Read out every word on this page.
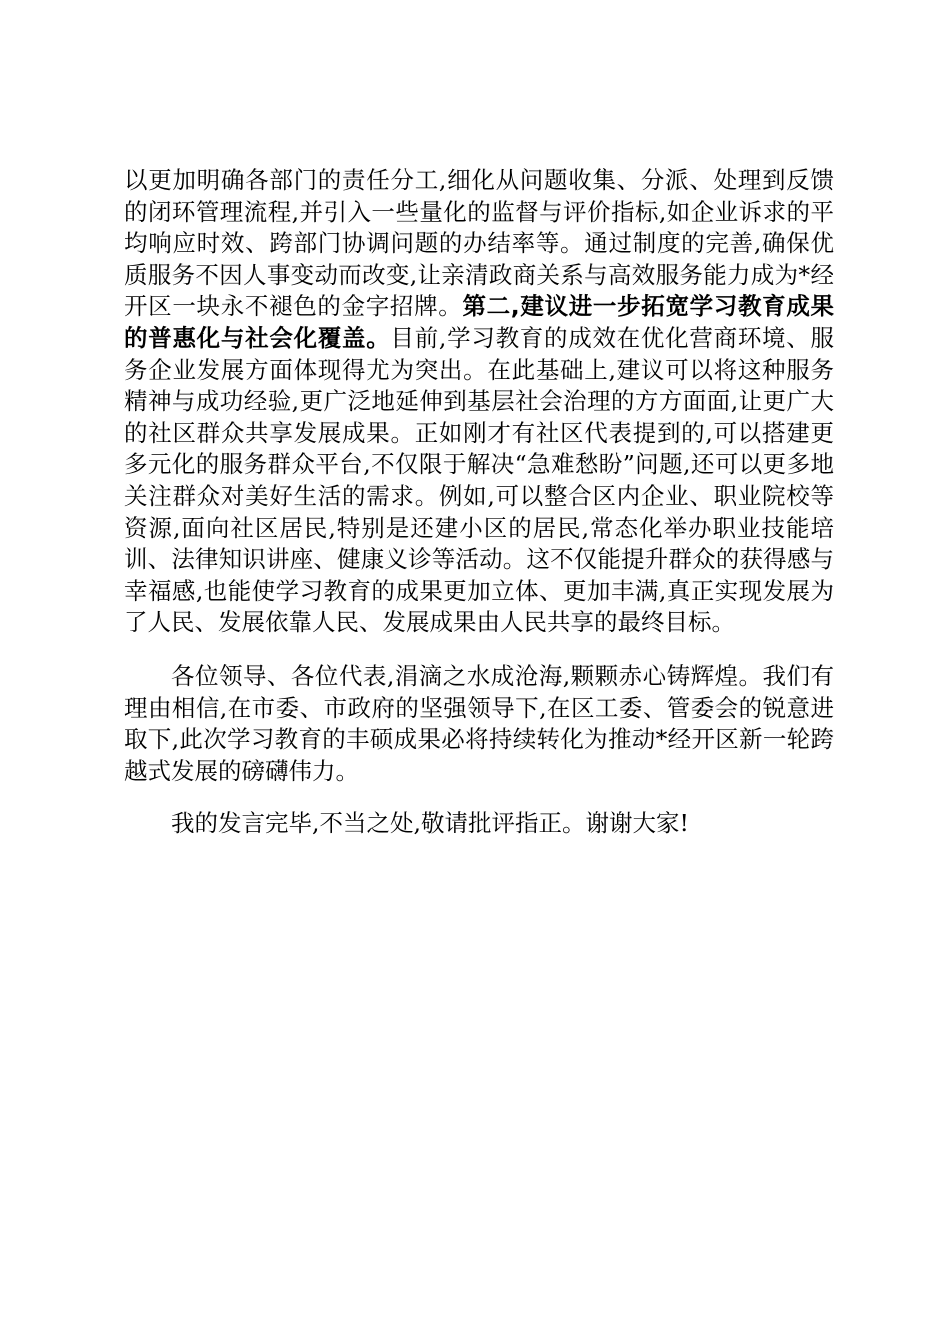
以更加明确各部门的责任分工,细化从问题收集、分派、处理到反馈的闭环管理流程,并引入一些量化的监督与评价指标,如企业诉求的平均响应时效、跨部门协调问题的办结率等。通过制度的完善,确保优质服务不因人事变动而改变,让亲清政商关系与高效服务能力成为*经开区一块永不褪色的金字招牌。第二,建议进一步拓宽学习教育成果的普惠化与社会化覆盖。目前,学习教育的成效在优化营商环境、服务企业发展方面体现得尤为突出。在此基础上,建议可以将这种服务精神与成功经验,更广泛地延伸到基层社会治理的方方面面,让更广大的社区群众共享发展成果。正如刚才有社区代表提到的,可以搭建更多元化的服务群众平台,不仅限于解决“急难愁盼”问题,还可以更多地关注群众对美好生活的需求。例如,可以整合区内企业、职业院校等资源,面向社区居民,特别是还建小区的居民,常态化举办职业技能培训、法律知识讲座、健康义诊等活动。这不仅能提升群众的获得感与幸福感,也能使学习教育的成果更加立体、更加丰满,真正实现发展为了人民、发展依靠人民、发展成果由人民共享的最终目标。

各位领导、各位代表,涓滴之水成沧海,颗颗赤心铸辉煌。我们有理由相信,在市委、市政府的坚强领导下,在区工委、管委会的锐意进取下,此次学习教育的丰硕成果必将持续转化为推动*经开区新一轮跨越式发展的磅礴伟力。

我的发言完毕,不当之处,敬请批评指正。谢谢大家!
